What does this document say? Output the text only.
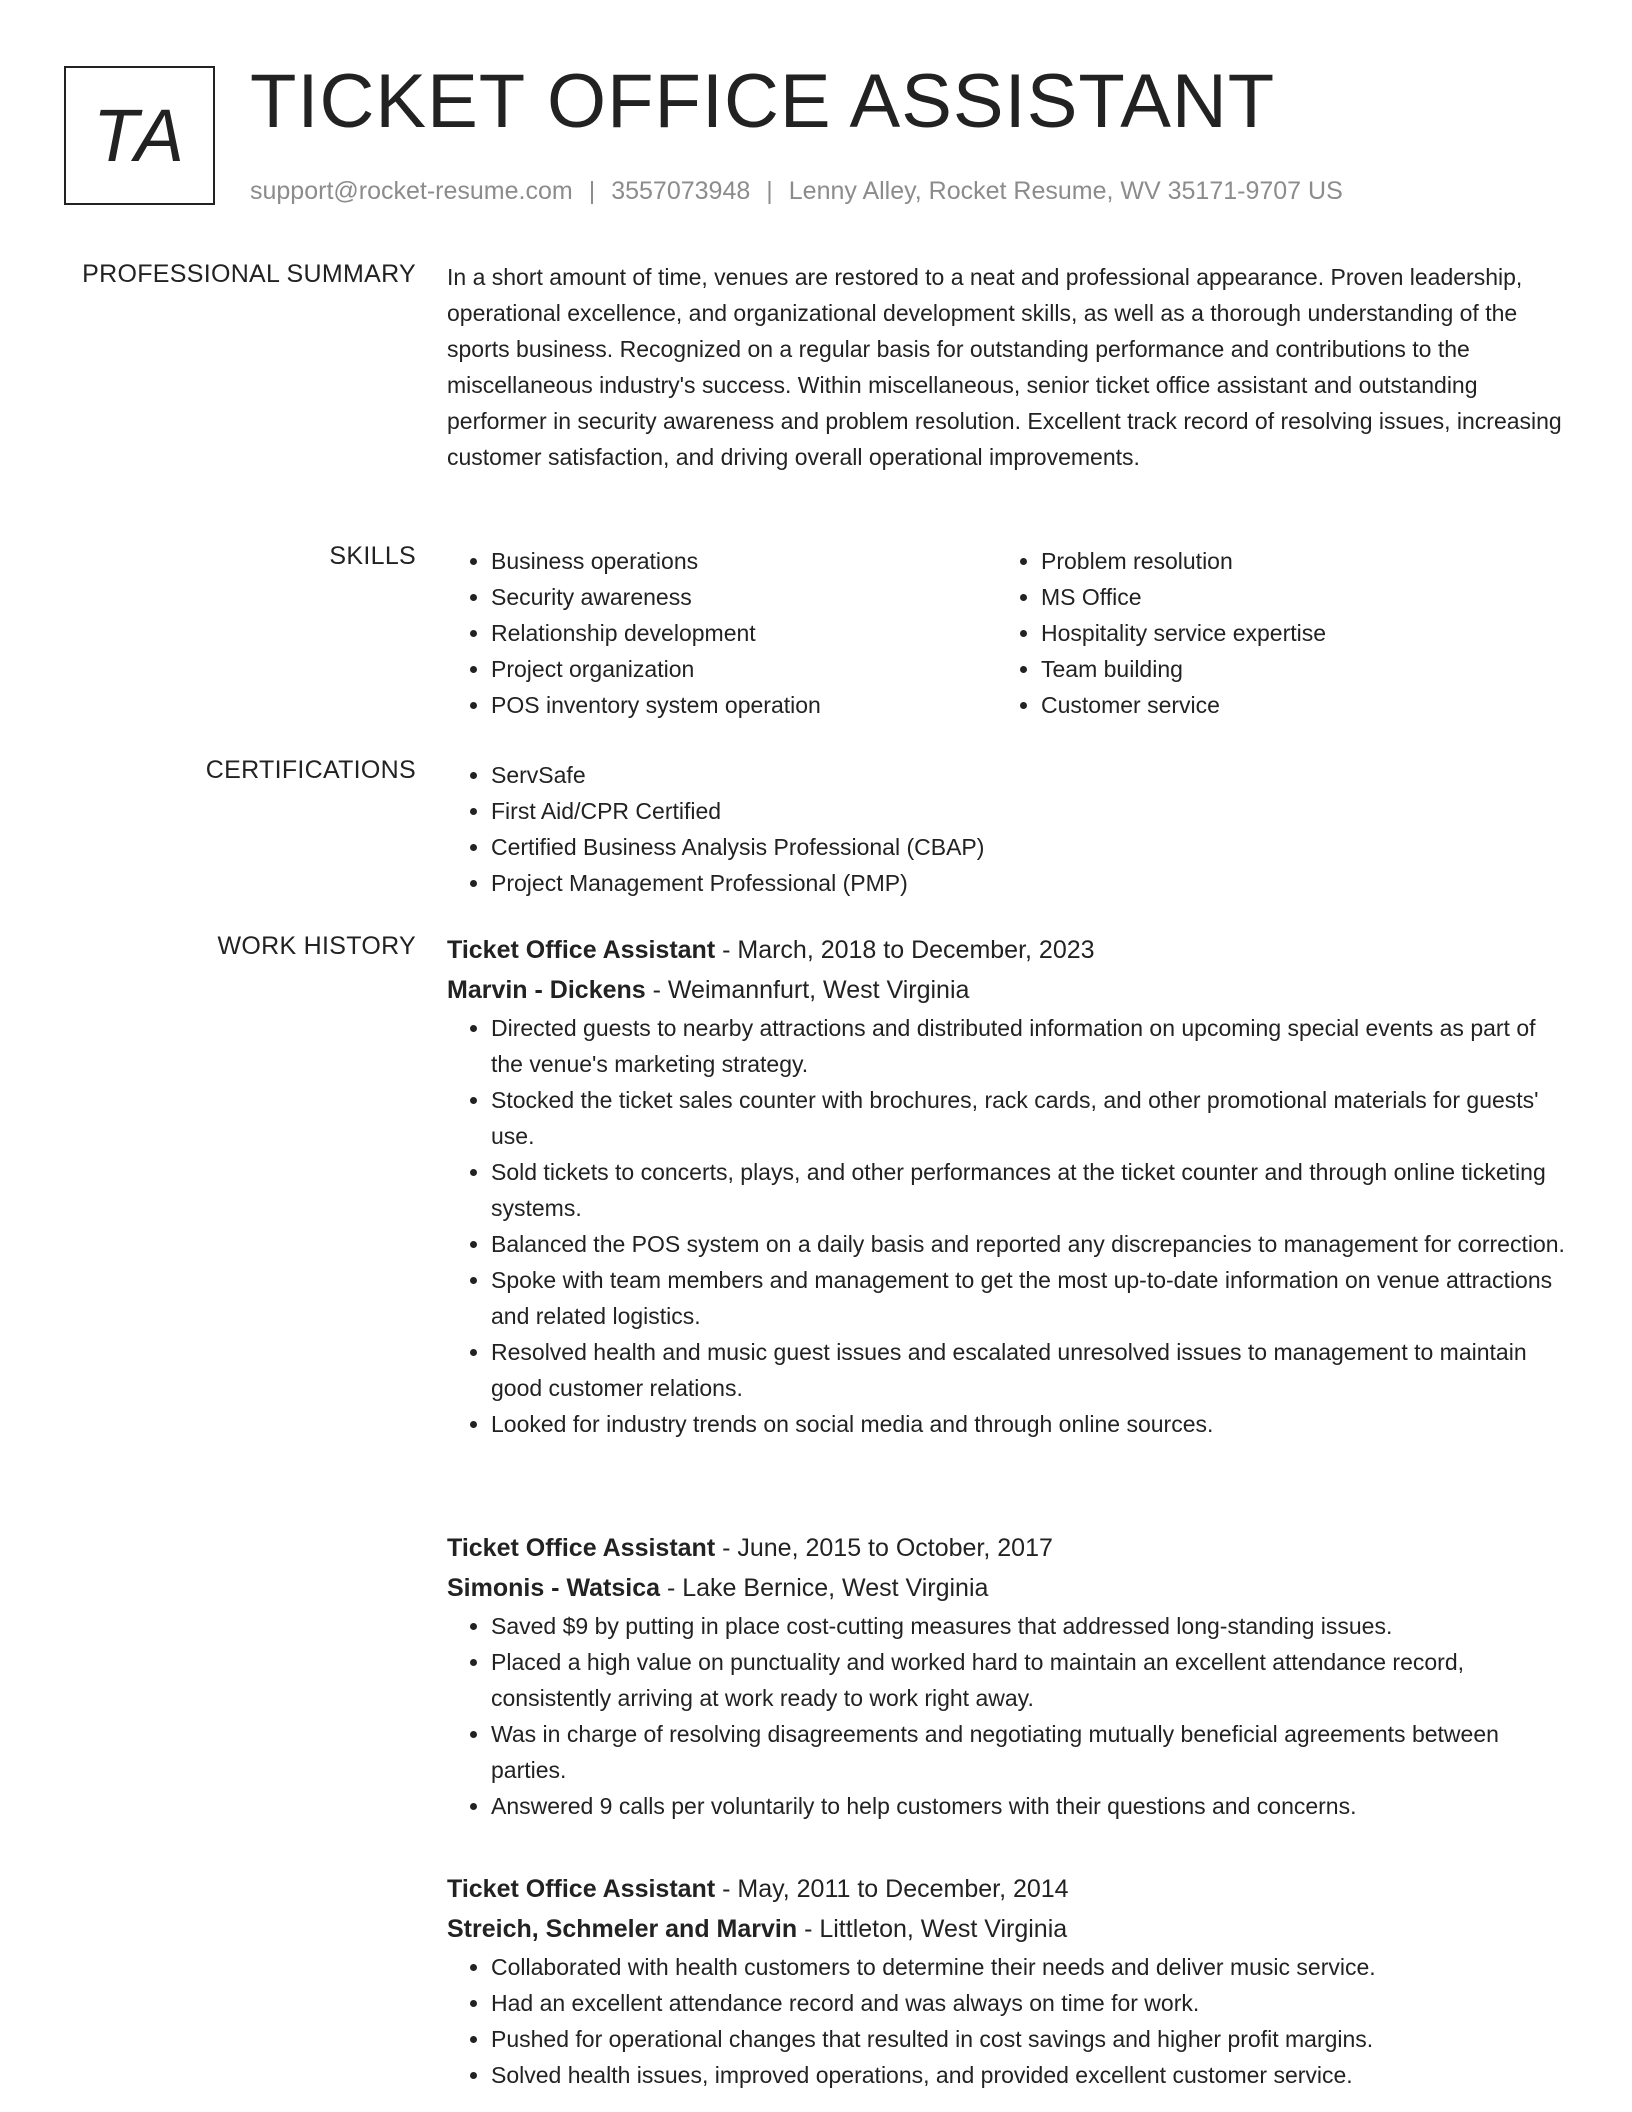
TA TICKET OFFICE ASSISTANT
support@rocket-resume.com | 3557073948 | Lenny Alley, Rocket Resume, WV 35171-9707 US
PROFESSIONAL SUMMARY In a short amount of time, venues are restored to a neat and professional appearance. Proven leadership, operational excellence, and organizational development skills, as well as a thorough understanding of the sports business. Recognized on a regular basis for outstanding performance and contributions to the miscellaneous industry's success. Within miscellaneous, senior ticket office assistant and outstanding performer in security awareness and problem resolution. Excellent track record of resolving issues, increasing customer satisfaction, and driving overall operational improvements.

SKILLS	• Business operations
• Security awareness
• Relationship development
• Project organization
• POS inventory system operation
• Problem resolution
• MS Office
• Hospitality service expertise
• Team building
• Customer service
CERTIFICATIONS	• ServSafe
• First Aid/CPR Certified
• Certified Business Analysis Professional (CBAP)
• Project Management Professional (PMP)
WORK HISTORY Ticket Office Assistant - March, 2018 to December, 2023
Marvin - Dickens - Weimannfurt, West Virginia
• Directed guests to nearby attractions and distributed information on upcoming special events as part of the venue's marketing strategy.
• Stocked the ticket sales counter with brochures, rack cards, and other promotional materials for guests' use.
• Sold tickets to concerts, plays, and other performances at the ticket counter and through online ticketing systems.
• Balanced the POS system on a daily basis and reported any discrepancies to management for correction.
• Spoke with team members and management to get the most up-to-date information on venue attractions and related logistics.
• Resolved health and music guest issues and escalated unresolved issues to management to maintain good customer relations.
• Looked for industry trends on social media and through online sources.
Ticket Office Assistant - June, 2015 to October, 2017
Simonis - Watsica - Lake Bernice, West Virginia
• Saved $9 by putting in place cost-cutting measures that addressed long-standing issues.
• Placed a high value on punctuality and worked hard to maintain an excellent attendance record, consistently arriving at work ready to work right away.
• Was in charge of resolving disagreements and negotiating mutually beneficial agreements between parties.
• Answered 9 calls per voluntarily to help customers with their questions and concerns.
Ticket Office Assistant - May, 2011 to December, 2014
Streich, Schmeler and Marvin - Littleton, West Virginia
• Collaborated with health customers to determine their needs and deliver music service.
• Had an excellent attendance record and was always on time for work.
• Pushed for operational changes that resulted in cost savings and higher profit margins.
• Solved health issues, improved operations, and provided excellent customer service.
